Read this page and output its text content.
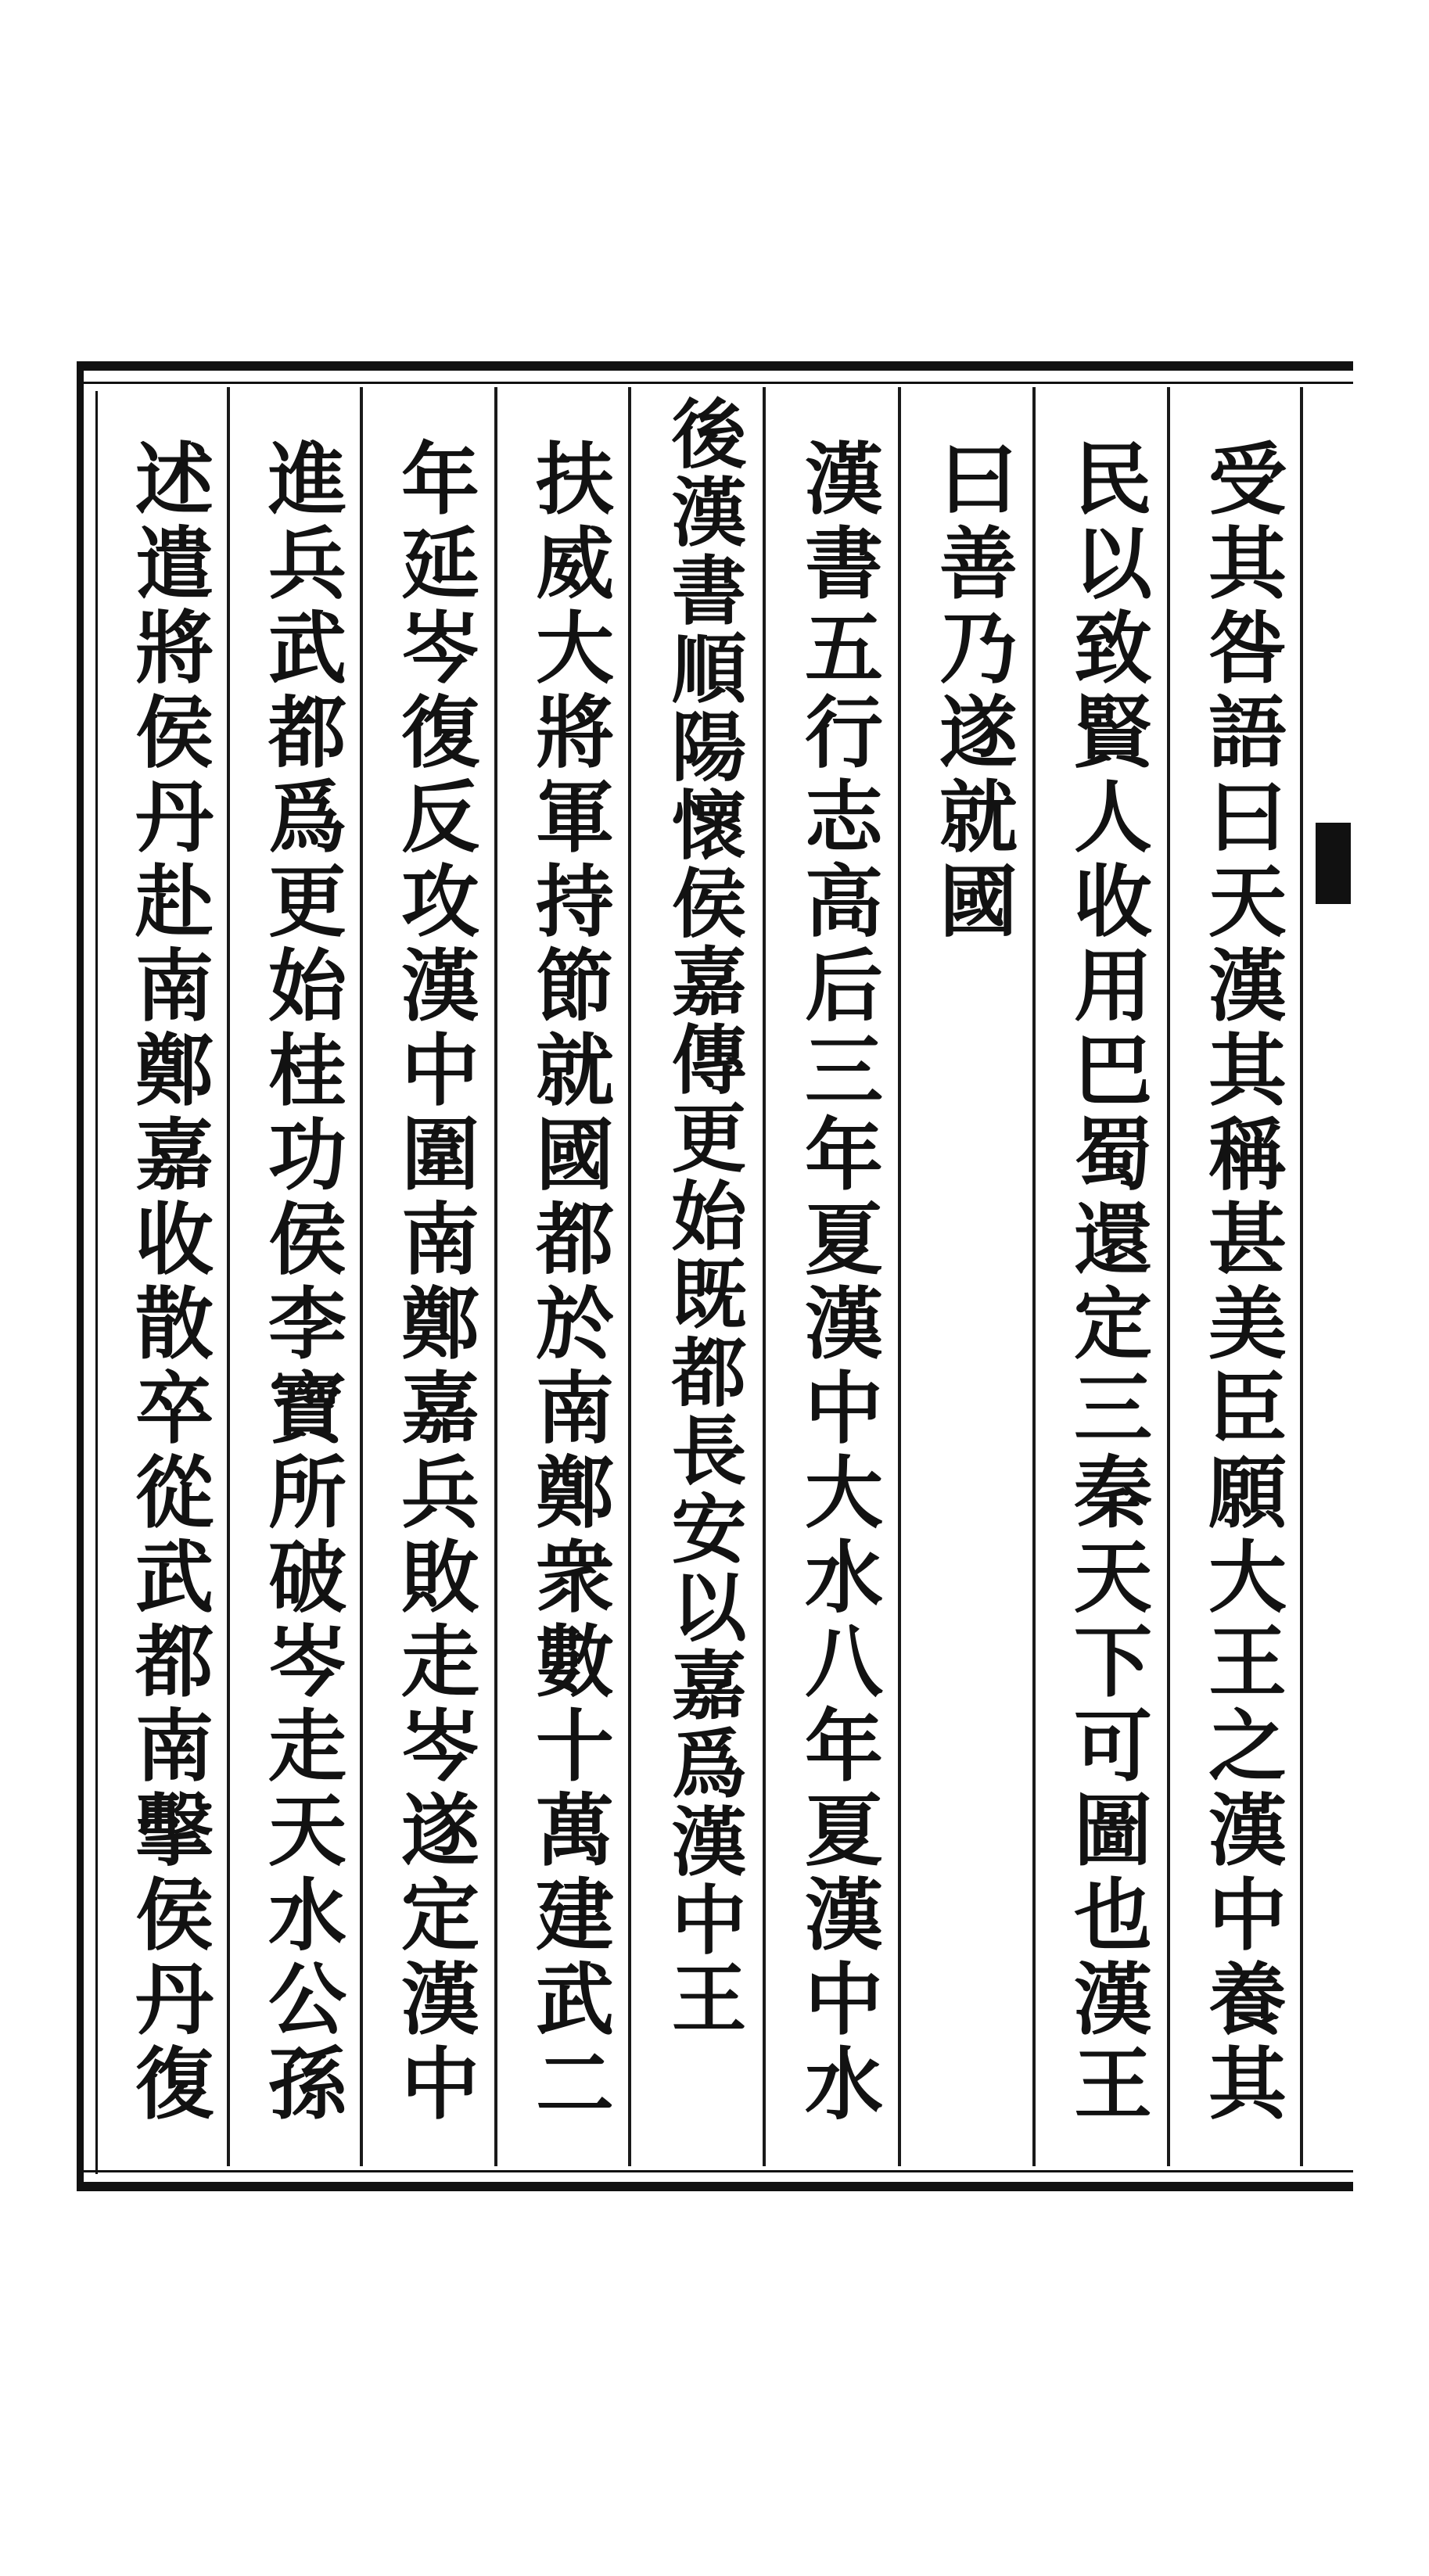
受其咎語曰天漢其稱甚美臣願大王之漢中養其
民以致賢人收用巴蜀還定三秦天下可圖也漢王
曰善乃遂就國
漢書五行志高后三年夏漢中大水八年夏漢中水
後漢書順陽懷侯嘉傳更始既都長安以嘉爲漢中王
扶威大將軍持節就國都於南鄭衆數十萬建武二
年延岑復反攻漢中圍南鄭嘉兵敗走岑遂定漢中
進兵武都爲更始桂功侯李寶所破岑走天水公孫
述遣將侯丹赴南鄭嘉收散卒從武都南擊侯丹復
